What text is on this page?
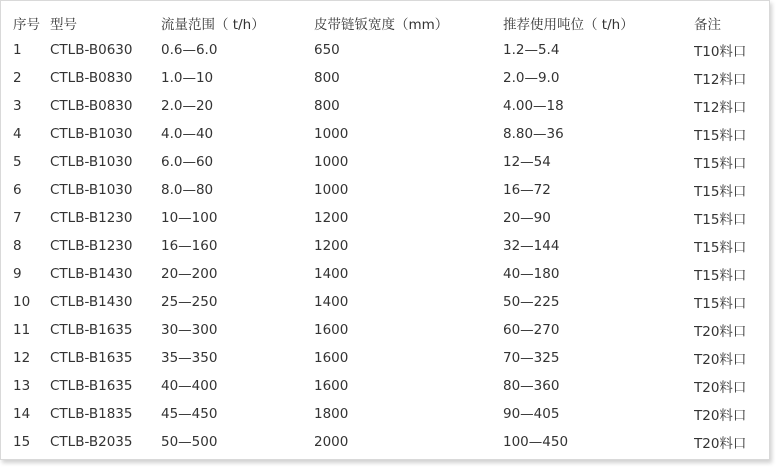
序号	型号	流量范围（ t/h）	皮带链钣宽度（mm）	推荐使用吨位（ t/h）	备注
1	CTLB-B0630	0.6—6.0	650	1.2—5.4	T10料口
2	CTLB-B0830	1.0—10	800	2.0—9.0	T12料口
3	CTLB-B0830	2.0—20	800	4.00—18	T12料口
4	CTLB-B1030	4.0—40	1000	8.80—36	T15料口
5	CTLB-B1030	6.0—60	1000	12—54	T15料口
6	CTLB-B1030	8.0—80	1000	16—72	T15料口
7	CTLB-B1230	10—100	1200	20—90	T15料口
8	CTLB-B1230	16—160	1200	32—144	T15料口
9	CTLB-B1430	20—200	1400	40—180	T15料口
10	CTLB-B1430	25—250	1400	50—225	T15料口
11	CTLB-B1635	30—300	1600	60—270	T20料口
12	CTLB-B1635	35—350	1600	70—325	T20料口
13	CTLB-B1635	40—400	1600	80—360	T20料口
14	CTLB-B1835	45—450	1800	90—405	T20料口
15	CTLB-B2035	50—500	2000	100—450	T20料口
